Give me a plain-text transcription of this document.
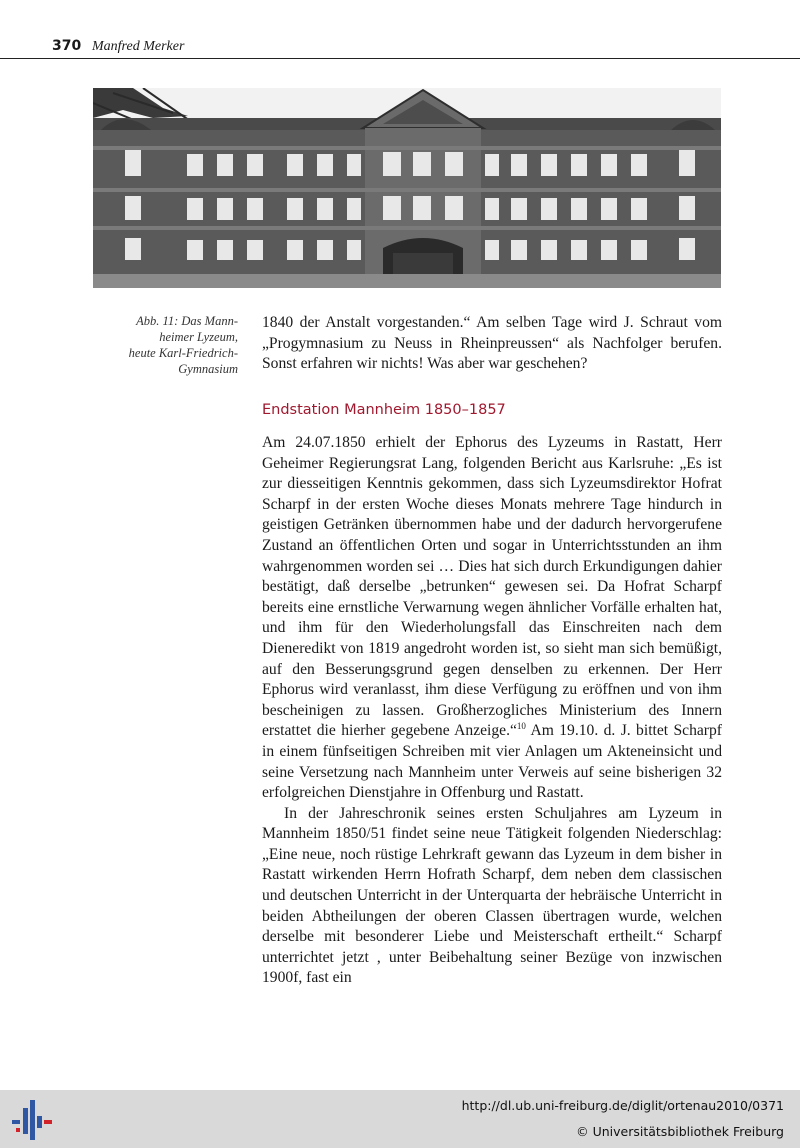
370 Manfred Merker
Abb. 11: Das Mann-
heimer Lyzeum,
heute Karl-Friedrich-
Gymnasium

1840 der Anstalt vorgestanden.“ Am selben Tage wird J. Schraut vom „Progymnasium zu Neuss in Rheinpreussen“ als Nachfolger berufen. Sonst erfahren wir nichts! Was aber war geschehen?

Endstation Mannheim 1850–1857

Am 24.07.1850 erhielt der Ephorus des Lyzeums in Rastatt, Herr Geheimer Regierungsrat Lang, folgenden Bericht aus Karlsruhe: „Es ist zur diesseitigen Kenntnis gekommen, dass sich Lyzeumsdirektor Hofrat Scharpf in der ersten Woche dieses Monats mehrere Tage hindurch in geistigen Getränken übernommen habe und der dadurch hervorgerufene Zustand an öffentlichen Orten und sogar in Unterrichtsstunden an ihm wahrgenommen worden sei … Dies hat sich durch Erkundigungen dahier bestätigt, daß derselbe „betrunken“ gewesen sei. Da Hofrat Scharpf bereits eine ernstliche Verwarnung wegen ähnlicher Vorfälle erhalten hat, und ihm für den Wiederholungsfall das Einschreiten nach dem Dieneredikt von 1819 angedroht worden ist, so sieht man sich bemüßigt, auf den Besserungsgrund gegen denselben zu erkennen. Der Herr Ephorus wird veranlasst, ihm diese Verfügung zu eröffnen und von ihm bescheinigen zu lassen. Großherzogliches Ministerium des Innern erstattet die hierher gegebene Anzeige.“$^{10}$ Am 19.10. d. J. bittet Scharpf in einem fünfseitigen Schreiben mit vier Anlagen um Akteneinsicht und seine Versetzung nach Mannheim unter Verweis auf seine bisherigen 32 erfolgreichen Dienstjahre in Offenburg und Rastatt.

In der Jahreschronik seines ersten Schuljahres am Lyzeum in Mannheim 1850/51 findet seine neue Tätigkeit folgenden Niederschlag: „Eine neue, noch rüstige Lehrkraft gewann das Lyzeum in dem bisher in Rastatt wirkenden Herrn Hofrath Scharpf, dem neben dem classischen und deutschen Unterricht in der Unterquarta der hebräische Unterricht in beiden Abtheilungen der oberen Classen übertragen wurde, welchen derselbe mit besonderer Liebe und Meisterschaft ertheilt.“ Scharpf unterrichtet jetzt , unter Beibehaltung seiner Bezüge von inzwischen 1900f, fast ein

http://dl.ub.uni-freiburg.de/diglit/ortenau2010/0371
© Universitätsbibliothek Freiburg
